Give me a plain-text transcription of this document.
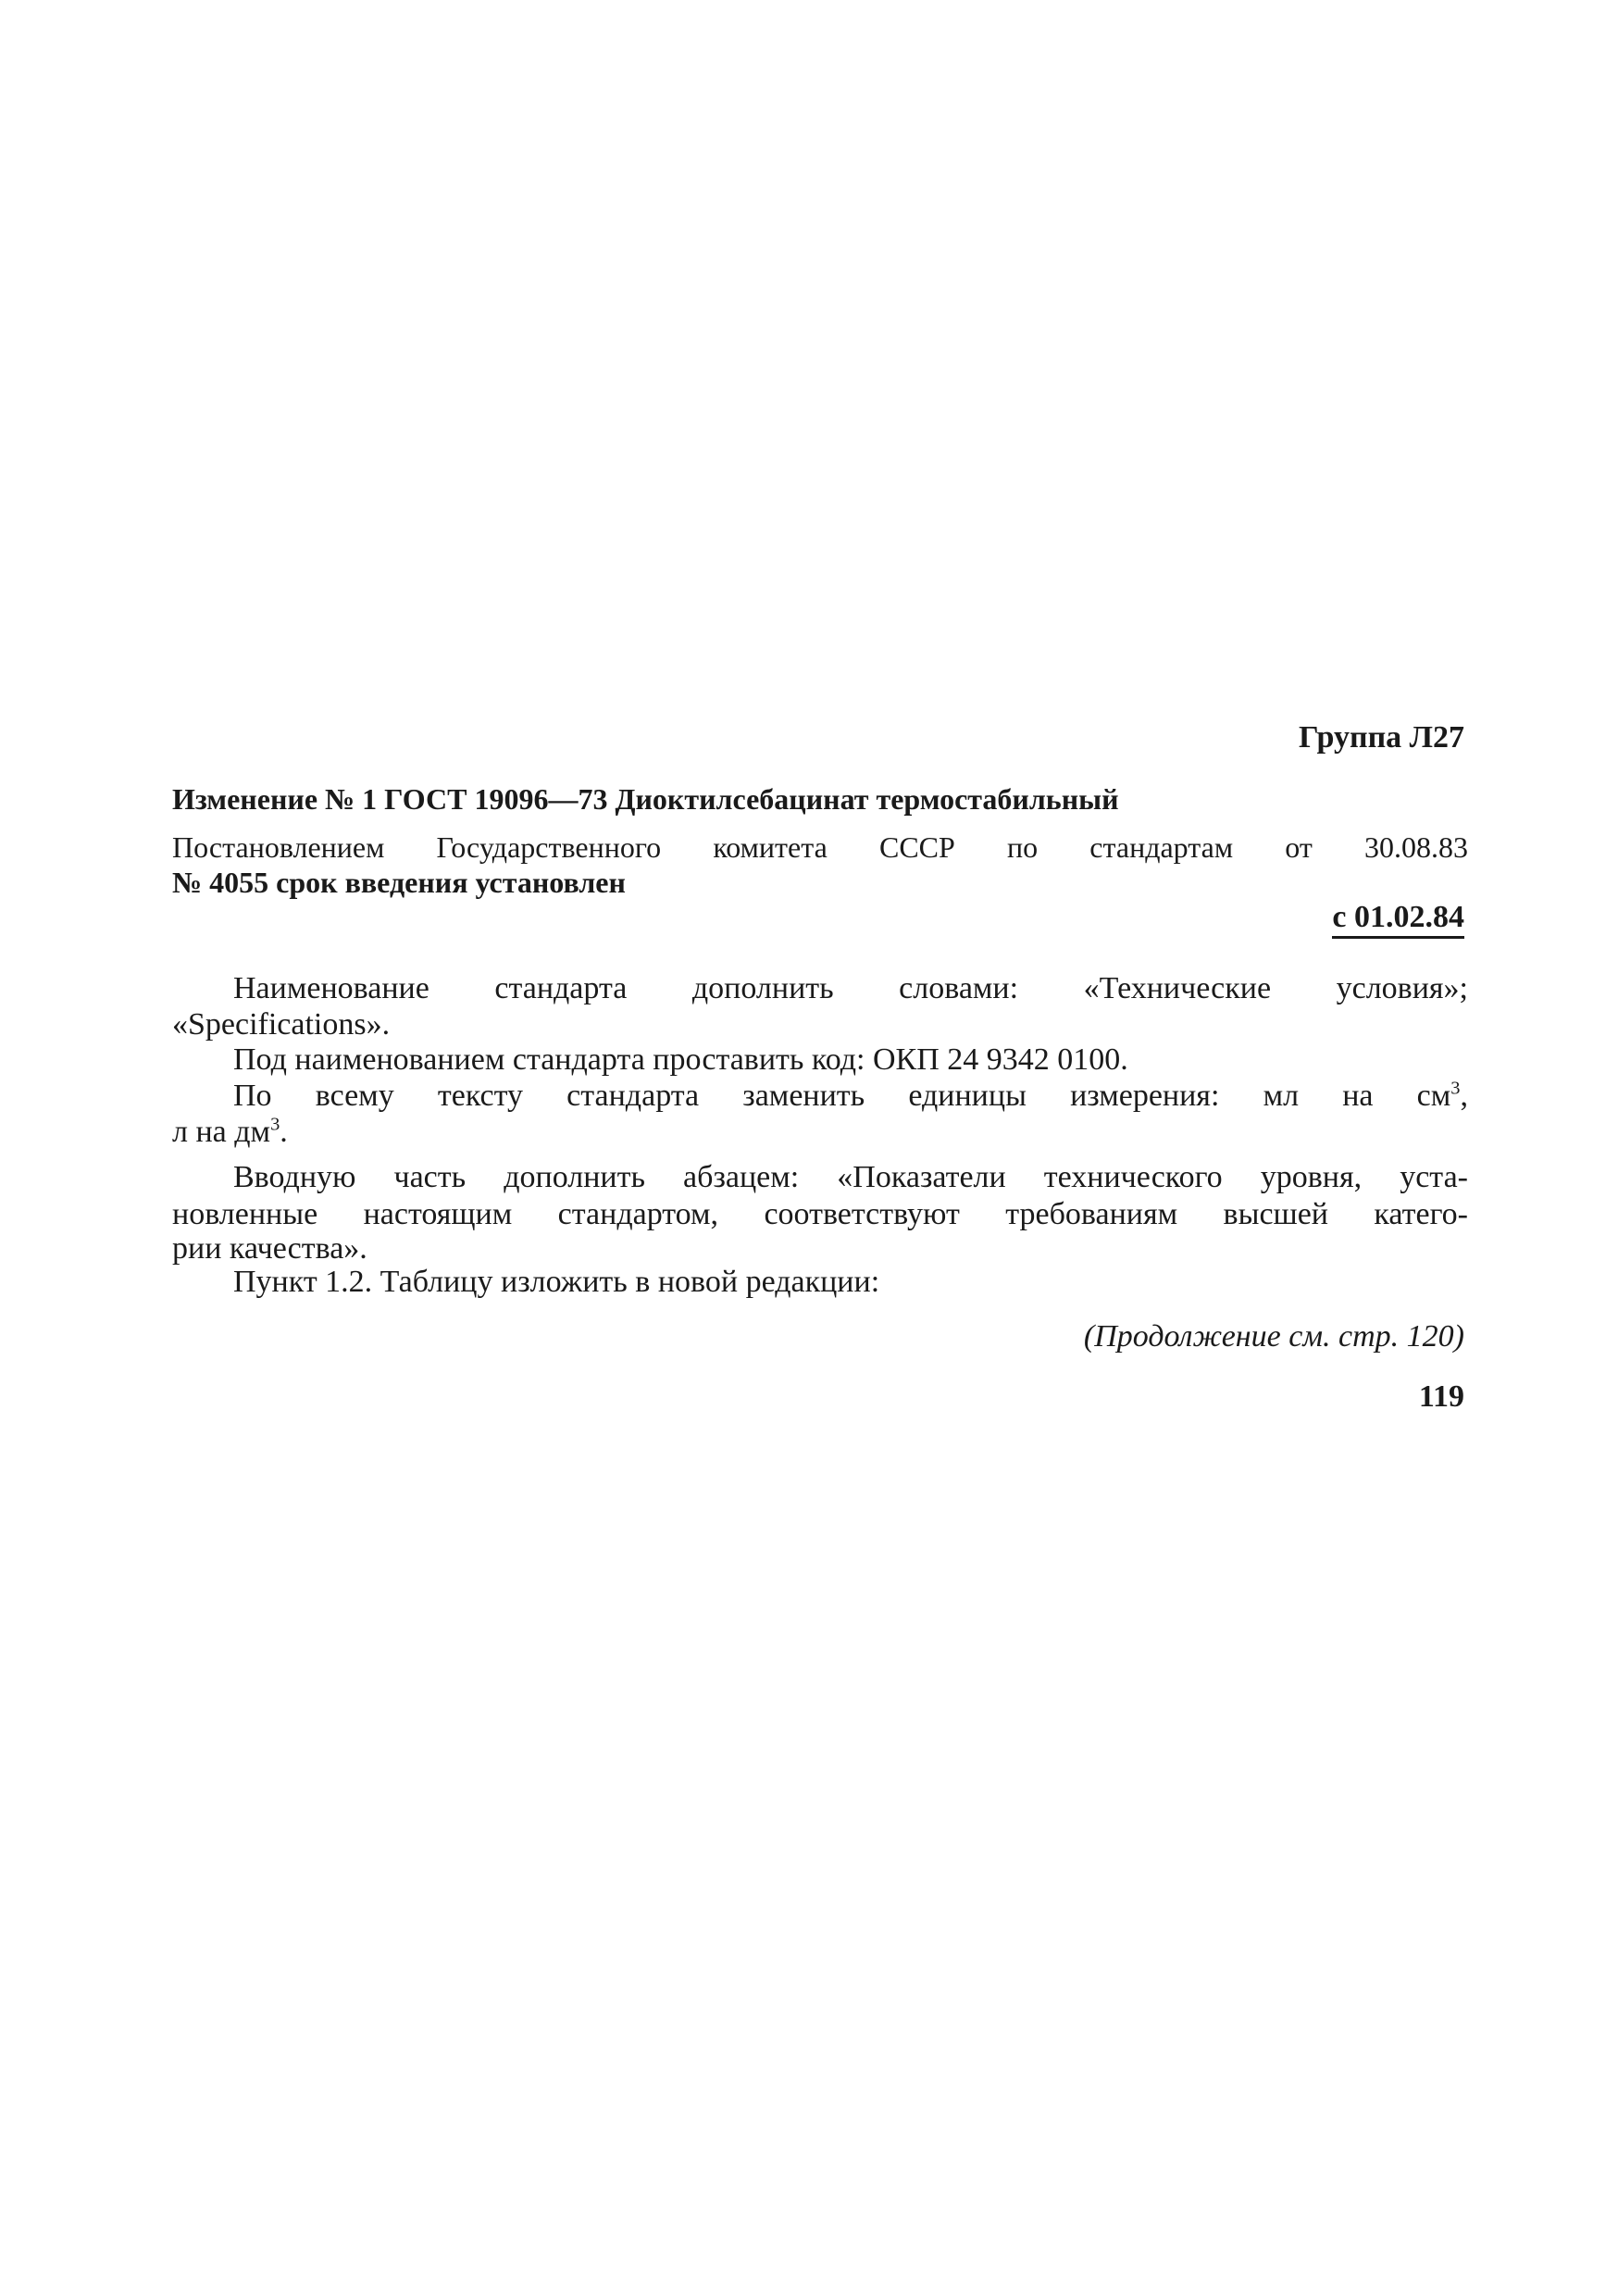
Группа Л27
Изменение № 1 ГОСТ 19096—73 Диоктилсебацинат термостабильный
Постановлением Государственного комитета СССР по стандартам от 30.08.83
№ 4055 срок введения установлен
с 01.02.84
Наименование стандарта дополнить словами: «Технические условия»;
«Specifications».
Под наименованием стандарта проставить код: ОКП 24 9342 0100.
По всему тексту стандарта заменить единицы измерения: мл на см $^3$,
л на $дм^3$.
Вводную часть дополнить абзацем: «Показатели технического уровня, уста-
новленные настоящим стандартом, соответствуют требованиям высшей катего-
рии качества».
Пункт 1.2. Таблицу изложить в новой редакции:
(Продолжение см. стр. 120)
119
